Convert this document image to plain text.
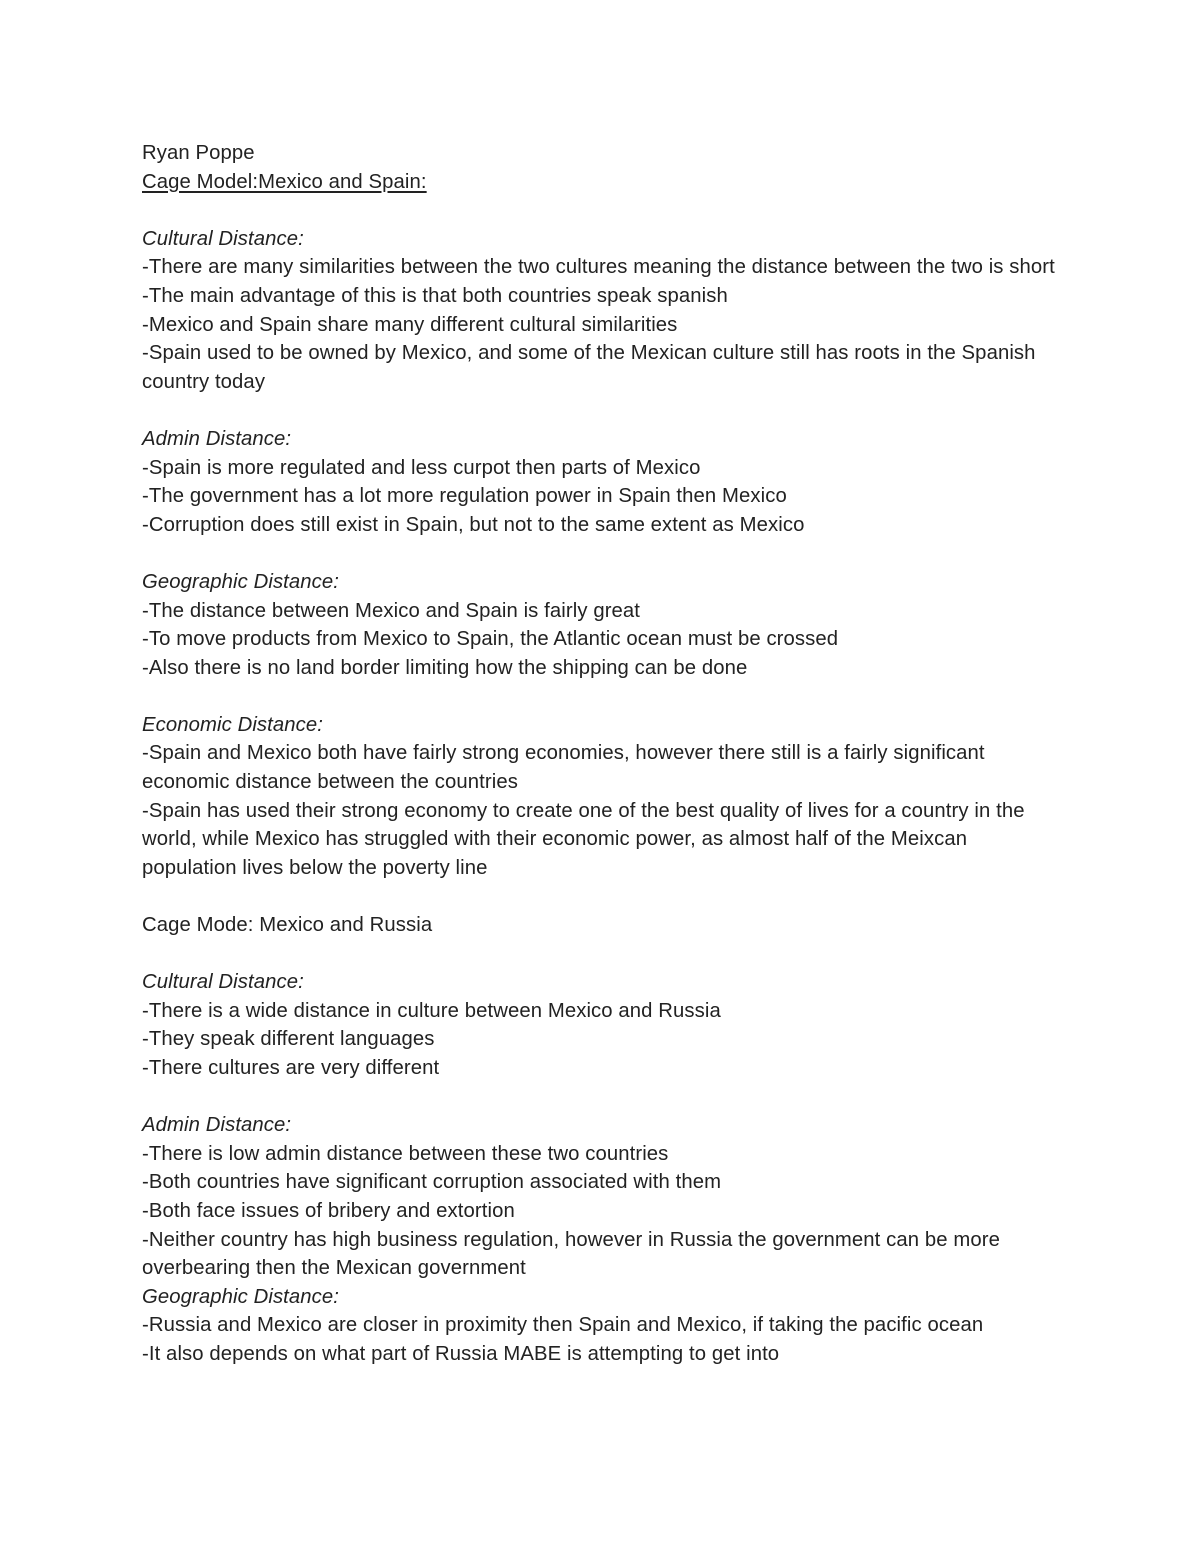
Ryan Poppe

Cage Model:Mexico and Spain:

Cultural Distance:

-There are many similarities between the two cultures meaning the distance between the two is short

-The main advantage of this is that both countries speak spanish

-Mexico and Spain share many different cultural similarities

-Spain used to be owned by Mexico, and some of the Mexican culture still has roots in the Spanish country today

Admin Distance:

-Spain is more regulated and less curpot then parts of Mexico

-The government has a lot more regulation power in Spain then Mexico

-Corruption does still exist in Spain, but not to the same extent as Mexico

Geographic Distance:

-The distance between Mexico and Spain is fairly great

-To move products from Mexico to Spain, the Atlantic ocean must be crossed

-Also there is no land border limiting how the shipping can be done

Economic Distance:

-Spain and Mexico both have fairly strong economies, however there still is a fairly significant economic distance between the countries

-Spain has used their strong economy to create one of the best quality of lives for a country in the world, while Mexico has struggled with their economic power, as almost half of the Meixcan population lives below the poverty line

Cage Mode: Mexico and Russia

Cultural Distance:

-There is a wide distance in culture between Mexico and Russia

-They speak different languages

-There cultures are very different

Admin Distance:

-There is low admin distance between these two countries

-Both countries have significant corruption associated with them

-Both face issues of bribery and extortion

-Neither country has high business regulation, however in Russia the government can be more overbearing then the Mexican government

Geographic Distance:

-Russia and Mexico are closer in proximity then Spain and Mexico, if taking the pacific ocean

-It also depends on what part of Russia MABE is attempting to get into
